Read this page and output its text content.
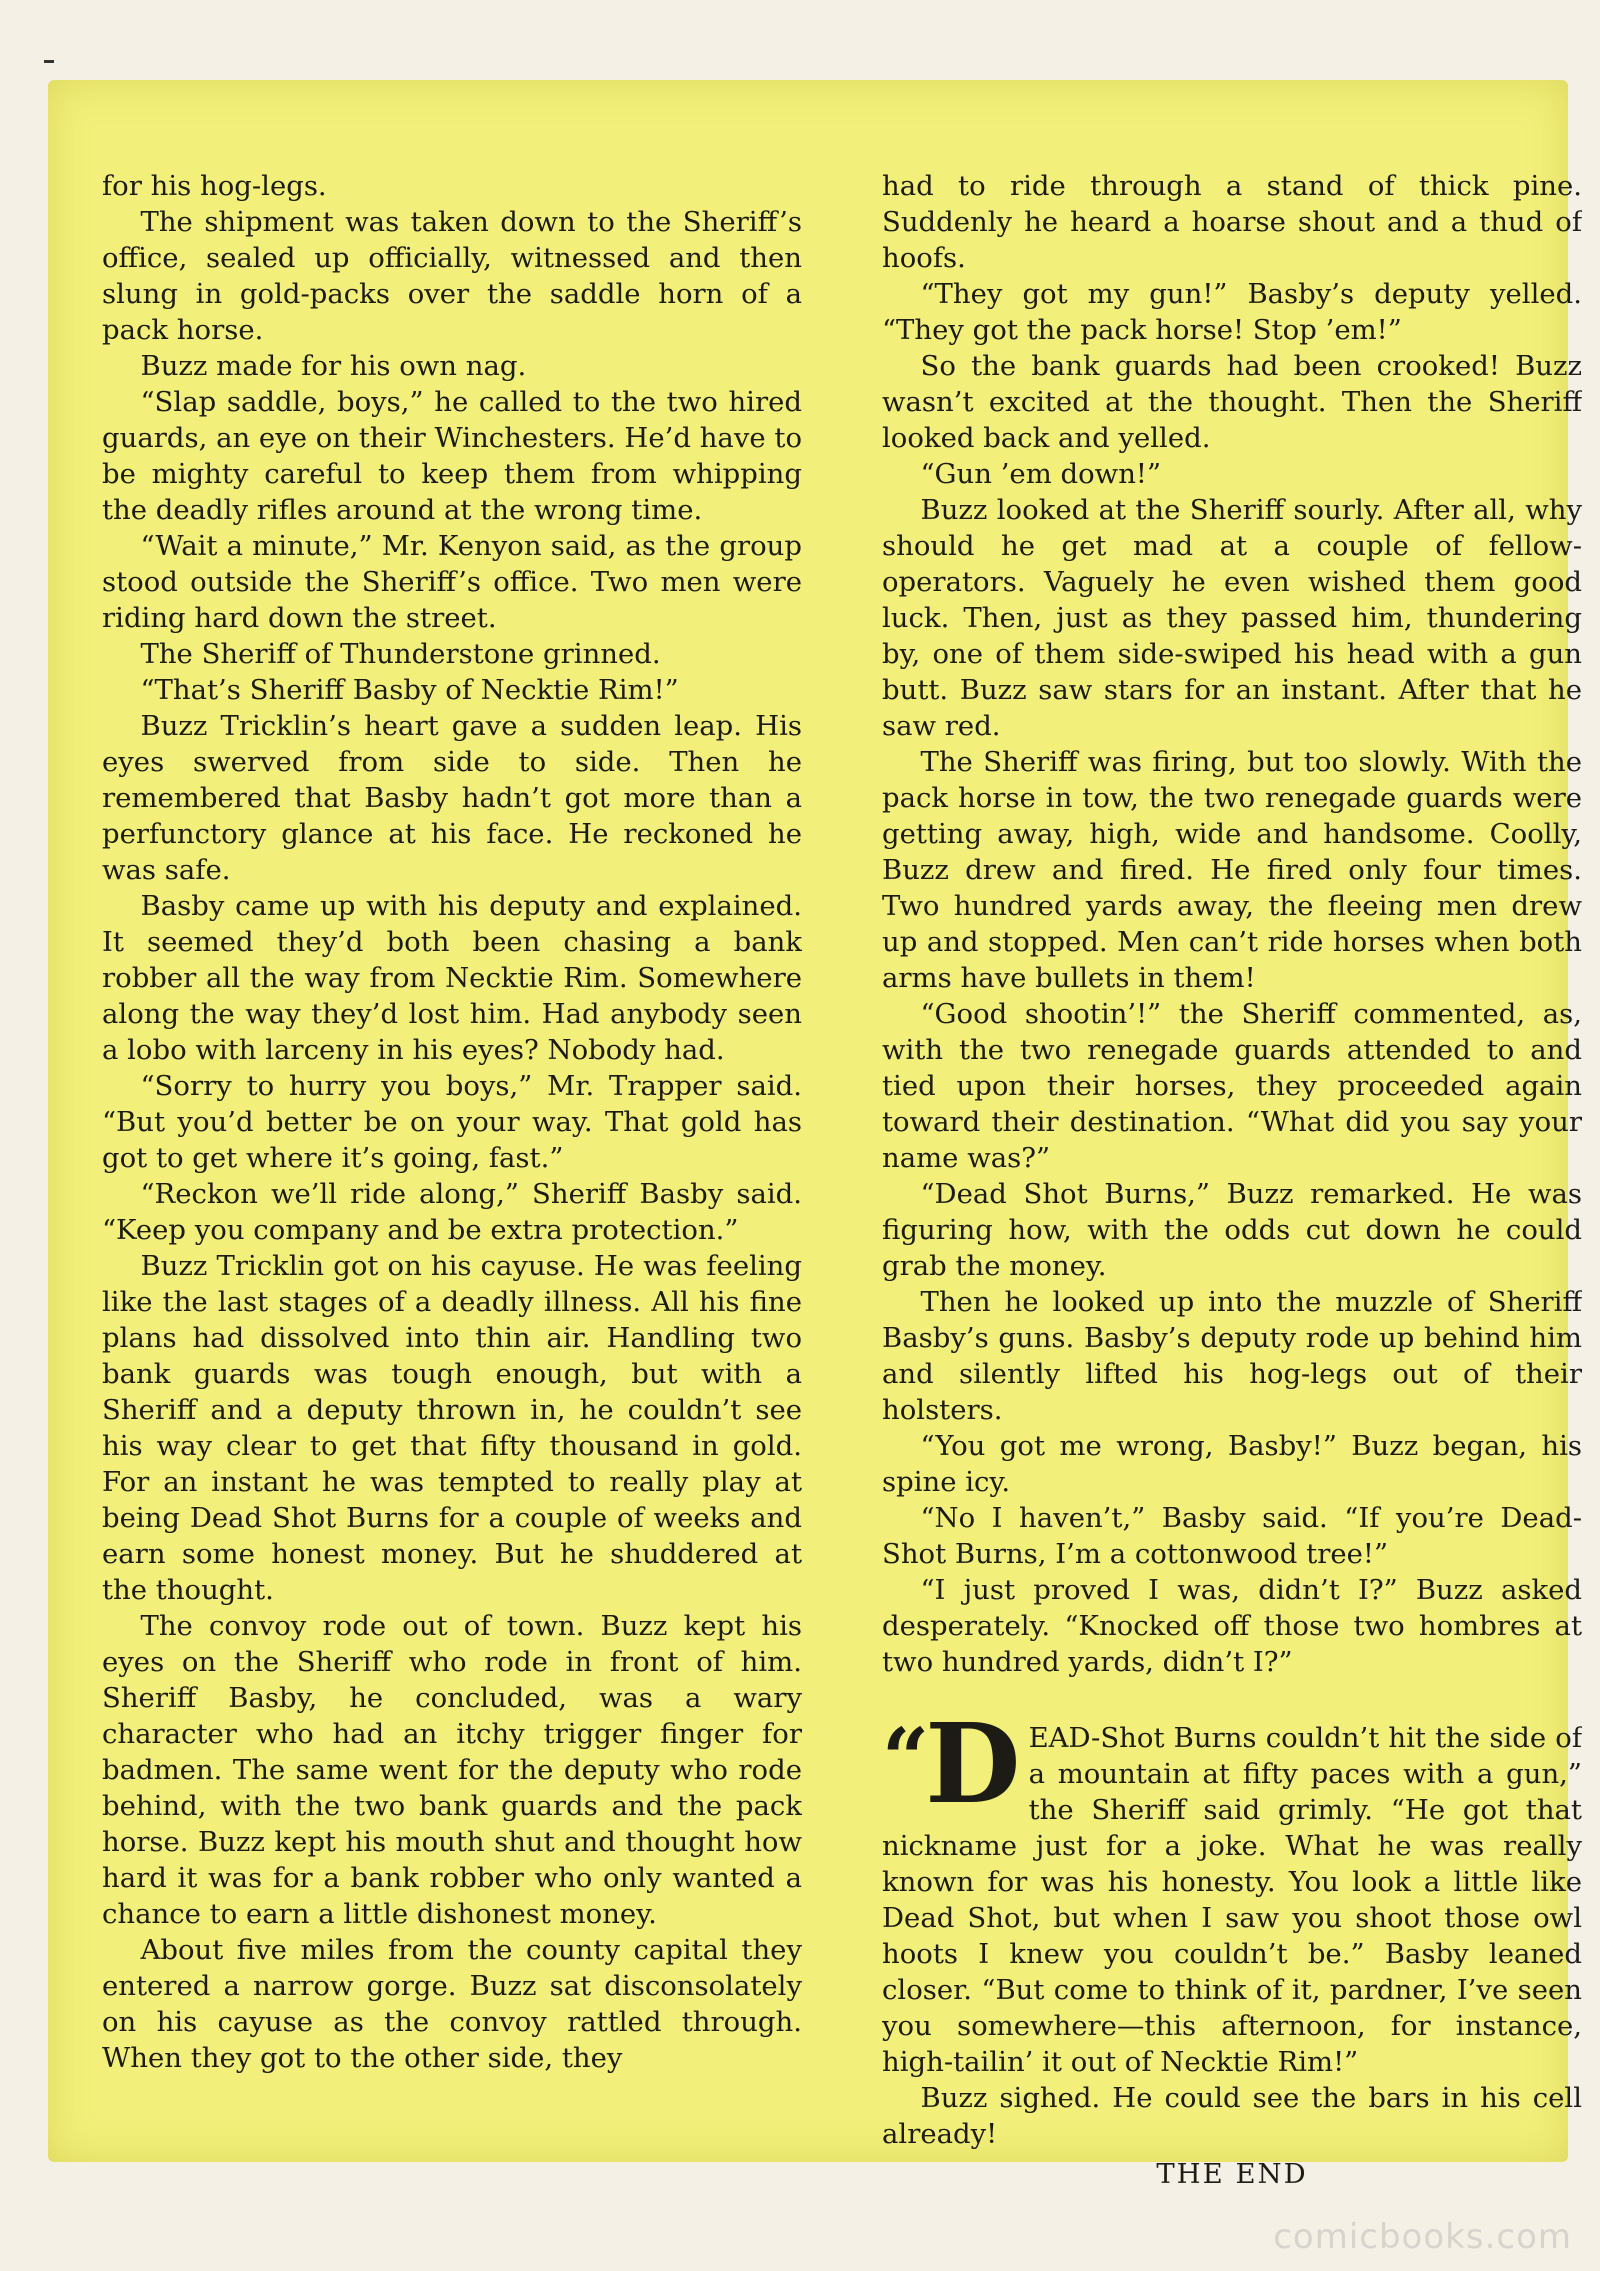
for his hog-legs.

The shipment was taken down to the Sheriff’s office, sealed up officially, witnessed and then slung in gold-packs over the saddle horn of a pack horse.

Buzz made for his own nag.

“Slap saddle, boys,” he called to the two hired guards, an eye on their Winchesters. He’d have to be mighty careful to keep them from whipping the deadly rifles around at the wrong time.

“Wait a minute,” Mr. Kenyon said, as the group stood outside the Sheriff’s office. Two men were riding hard down the street.

The Sheriff of Thunderstone grinned.

“That’s Sheriff Basby of Necktie Rim!”

Buzz Tricklin’s heart gave a sudden leap. His eyes swerved from side to side. Then he remembered that Basby hadn’t got more than a perfunctory glance at his face. He reckoned he was safe.

Basby came up with his deputy and explained. It seemed they’d both been chasing a bank robber all the way from Necktie Rim. Somewhere along the way they’d lost him. Had anybody seen a lobo with larceny in his eyes? Nobody had.

“Sorry to hurry you boys,” Mr. Trapper said. “But you’d better be on your way. That gold has got to get where it’s going, fast.”

“Reckon we’ll ride along,” Sheriff Basby said. “Keep you company and be extra protection.”

Buzz Tricklin got on his cayuse. He was feeling like the last stages of a deadly illness. All his fine plans had dissolved into thin air. Handling two bank guards was tough enough, but with a Sheriff and a deputy thrown in, he couldn’t see his way clear to get that fifty thousand in gold. For an instant he was tempted to really play at being Dead Shot Burns for a couple of weeks and earn some honest money. But he shuddered at the thought.

The convoy rode out of town. Buzz kept his eyes on the Sheriff who rode in front of him. Sheriff Basby, he concluded, was a wary character who had an itchy trigger finger for badmen. The same went for the deputy who rode behind, with the two bank guards and the pack horse. Buzz kept his mouth shut and thought how hard it was for a bank robber who only wanted a chance to earn a little dishonest money.

About five miles from the county capital they entered a narrow gorge. Buzz sat disconsolately on his cayuse as the convoy rattled through. When they got to the other side, they

had to ride through a stand of thick pine. Suddenly he heard a hoarse shout and a thud of hoofs.

“They got my gun!” Basby’s deputy yelled. “They got the pack horse! Stop ’em!”

So the bank guards had been crooked! Buzz wasn’t excited at the thought. Then the Sheriff looked back and yelled.

“Gun ’em down!”

Buzz looked at the Sheriff sourly. After all, why should he get mad at a couple of fellow-operators. Vaguely he even wished them good luck. Then, just as they passed him, thundering by, one of them side-swiped his head with a gun butt. Buzz saw stars for an instant. After that he saw red.

The Sheriff was firing, but too slowly. With the pack horse in tow, the two renegade guards were getting away, high, wide and handsome. Coolly, Buzz drew and fired. He fired only four times. Two hundred yards away, the fleeing men drew up and stopped. Men can’t ride horses when both arms have bullets in them!

“Good shootin’!” the Sheriff commented, as, with the two renegade guards attended to and tied upon their horses, they proceeded again toward their destination. “What did you say your name was?”

“Dead Shot Burns,” Buzz remarked. He was figuring how, with the odds cut down he could grab the money.

Then he looked up into the muzzle of Sheriff Basby’s guns. Basby’s deputy rode up behind him and silently lifted his hog-legs out of their holsters.

“You got me wrong, Basby!” Buzz began, his spine icy.

“No I haven’t,” Basby said. “If you’re Dead-Shot Burns, I’m a cottonwood tree!”

“I just proved I was, didn’t I?” Buzz asked desperately. “Knocked off those two hombres at two hundred yards, didn’t I?”

“ D EAD-Shot Burns couldn’t hit the side of a mountain at fifty paces with a gun,” the Sheriff said grimly. “He got that nickname just for a joke. What he was really known for was his honesty. You look a little like Dead Shot, but when I saw you shoot those owl hoots I knew you couldn’t be.” Basby leaned closer. “But come to think of it, pardner, I’ve seen you somewhere—this afternoon, for instance, high-tailin’ it out of Necktie Rim!”

Buzz sighed. He could see the bars in his cell already!

THE END

comicbooks.com
